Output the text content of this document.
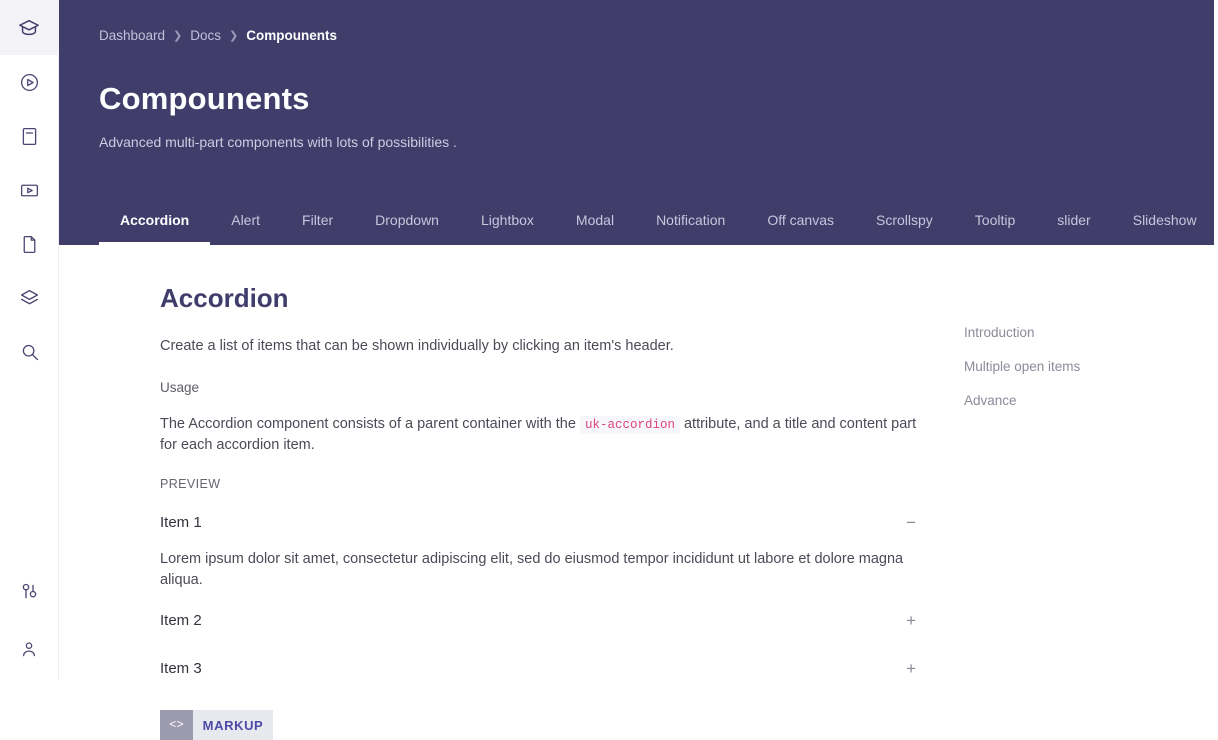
Dashboard ❯ Docs ❯ Compounents
Compounents

Advanced multi-part components with lots of possibilities .

Accordion	Alert	Filter	Dropdown	Lightbox	Modal	Notification	Off canvas	Scrollspy	Tooltip	slider	Slideshow
Accordion

Create a list of items that can be shown individually by clicking an item's header.

Usage

The Accordion component consists of a parent container with the uk-accordion attribute, and a title and content part for each accordion item.

PREVIEW
Item 1	−
Lorem ipsum dolor sit amet, consectetur adipiscing elit, sed do eiusmod tempor incididunt ut labore et dolore magna aliqua.
Item 2	+
Item 3	+
<>	MARKUP
Introduction
Multiple open items
Advance
